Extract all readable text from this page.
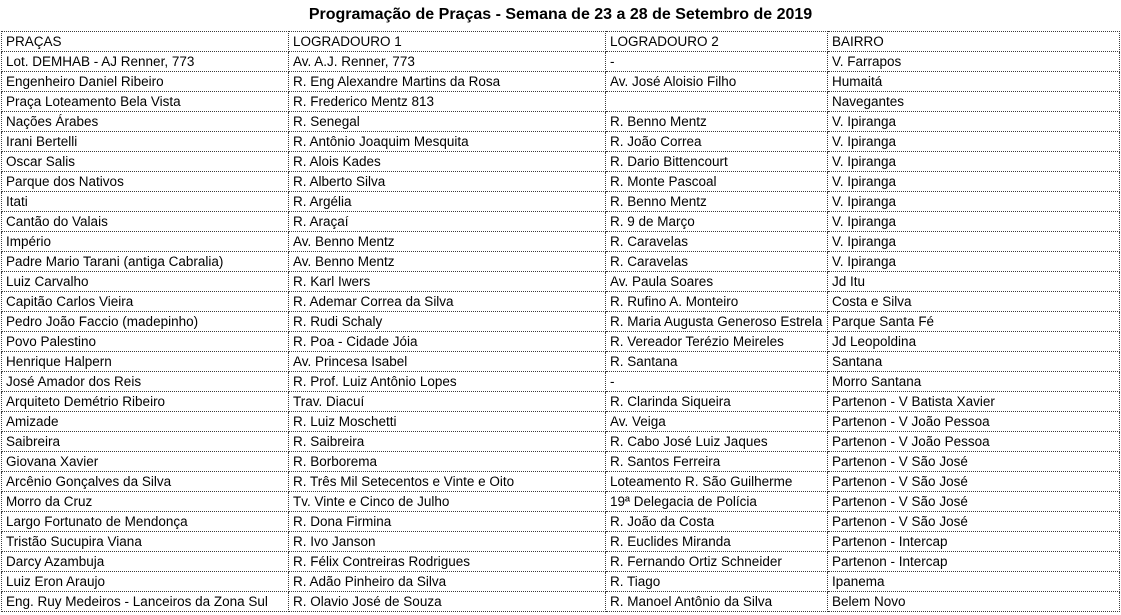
Programação de Praças - Semana de 23 a 28 de Setembro de 2019
PRAÇAS	LOGRADOURO 1	LOGRADOURO 2	BAIRRO
Lot. DEMHAB - AJ Renner, 773	Av. A.J. Renner, 773	-	V. Farrapos
Engenheiro Daniel Ribeiro	R. Eng Alexandre Martins da Rosa	Av. José Aloisio Filho	Humaitá
Praça Loteamento Bela Vista	R. Frederico Mentz 813		Navegantes
Nações Árabes	R. Senegal	R. Benno Mentz	V. Ipiranga
Irani Bertelli	R. Antônio Joaquim Mesquita	R. João Correa	V. Ipiranga
Oscar Salis	R. Alois Kades	R. Dario Bittencourt	V. Ipiranga
Parque dos Nativos	R. Alberto Silva	R. Monte Pascoal	V. Ipiranga
Itati	R. Argélia	R. Benno Mentz	V. Ipiranga
Cantão do Valais	R. Araçaí	R. 9 de Março	V. Ipiranga
Império	Av. Benno Mentz	R. Caravelas	V. Ipiranga
Padre Mario Tarani (antiga Cabralia)	Av. Benno Mentz	R. Caravelas	V. Ipiranga
Luiz Carvalho	R. Karl Iwers	Av. Paula Soares	Jd Itu
Capitão Carlos Vieira	R. Ademar Correa da Silva	R. Rufino A. Monteiro	Costa e Silva
Pedro João Faccio (madepinho)	R. Rudi Schaly	R. Maria Augusta Generoso Estrela	Parque Santa Fé
Povo Palestino	R. Poa - Cidade Jóia	R. Vereador Terézio Meireles	Jd Leopoldina
Henrique Halpern	Av. Princesa Isabel	R. Santana	Santana
José Amador dos Reis	R. Prof. Luiz Antônio Lopes	-	Morro Santana
Arquiteto Demétrio Ribeiro	Trav. Diacuí	R. Clarinda Siqueira	Partenon - V Batista Xavier
Amizade	R. Luiz Moschetti	Av. Veiga	Partenon - V João Pessoa
Saibreira	R. Saibreira	R. Cabo José Luiz Jaques	Partenon - V João Pessoa
Giovana Xavier	R. Borborema	R. Santos Ferreira	Partenon - V São José
Arcênio Gonçalves da Silva	R. Três Mil Setecentos e Vinte e Oito	Loteamento R. São Guilherme	Partenon - V São José
Morro da Cruz	Tv. Vinte e Cinco de Julho	19ª Delegacia de Polícia	Partenon - V São José
Largo Fortunato de Mendonça	R. Dona Firmina	R. João da Costa	Partenon - V São José
Tristão Sucupira Viana	R. Ivo Janson	R. Euclides Miranda	Partenon - Intercap
Darcy Azambuja	R. Félix Contreiras Rodrigues	R. Fernando Ortiz Schneider	Partenon - Intercap
Luiz Eron Araujo	R. Adão Pinheiro da Silva	R. Tiago	Ipanema
Eng. Ruy Medeiros - Lanceiros da Zona Sul	R. Olavio José de Souza	R. Manoel Antônio da Silva	Belem Novo
